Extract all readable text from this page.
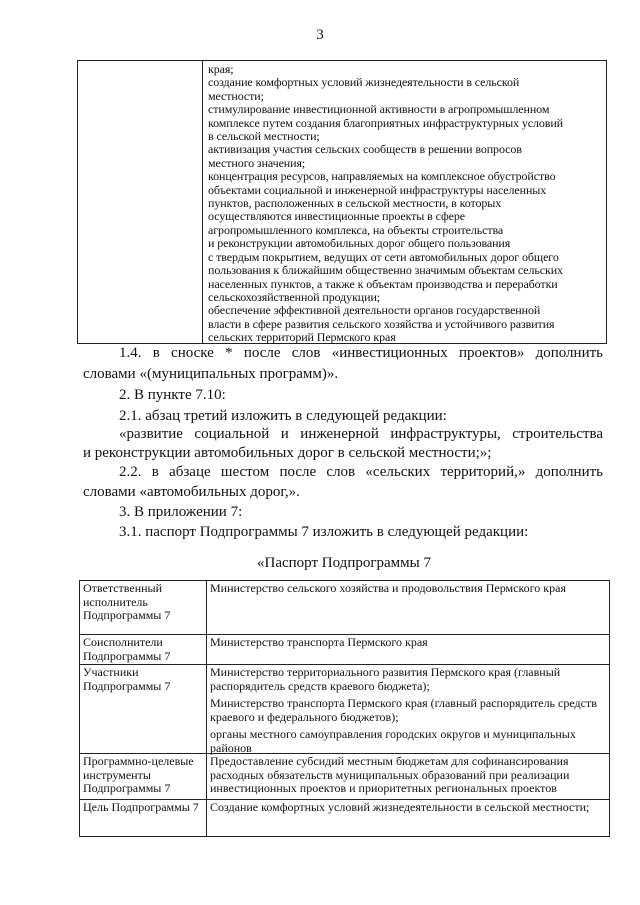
3
края;
создание комфортных условий жизнедеятельности в сельской
местности;
стимулирование инвестиционной активности в агропромышленном
комплексе путем создания благоприятных инфраструктурных условий
в сельской местности;
активизация участия сельских сообществ в решении вопросов
местного значения;
концентрация ресурсов, направляемых на комплексное обустройство
объектами социальной и инженерной инфраструктуры населенных
пунктов, расположенных в сельской местности, в которых
осуществляются инвестиционные проекты в сфере
агропромышленного комплекса, на объекты строительства
и реконструкции автомобильных дорог общего пользования
с твердым покрытием, ведущих от сети автомобильных дорог общего
пользования к ближайшим общественно значимым объектам сельских
населенных пунктов, а также к объектам производства и переработки
сельскохозяйственной продукции;
обеспечение эффективной деятельности органов государственной
власти в сфере развития сельского хозяйства и устойчивого развития
сельских территорий Пермского края
1.4. в сноске * после слов «инвестиционных проектов» дополнить
словами «(муниципальных программ)».
2. В пункте 7.10:
2.1. абзац третий изложить в следующей редакции:
«развитие социальной и инженерной инфраструктуры, строительства
и реконструкции автомобильных дорог в сельской местности;»;
2.2. в абзаце шестом после слов «сельских территорий,» дополнить
словами «автомобильных дорог,».
3. В приложении 7:
3.1. паспорт Подпрограммы 7 изложить в следующей редакции:
«Паспорт Подпрограммы 7
Ответственный исполнитель Подпрограммы 7
Министерство сельского хозяйства и продовольствия Пермского края
Соисполнители Подпрограммы 7
Министерство транспорта Пермского края
Участники Подпрограммы 7
Министерство территориального развития Пермского края (главный распорядитель средств краевого бюджета);
Министерство транспорта Пермского края (главный распорядитель средств краевого и федерального бюджетов);
органы местного самоуправления городских округов и муниципальных районов
Программно-целевые инструменты Подпрограммы 7
Предоставление субсидий местным бюджетам для софинансирования расходных обязательств муниципальных образований при реализации инвестиционных проектов и приоритетных региональных проектов
Цель Подпрограммы 7 Создание комфортных условий жизнедеятельности в сельской местности;
